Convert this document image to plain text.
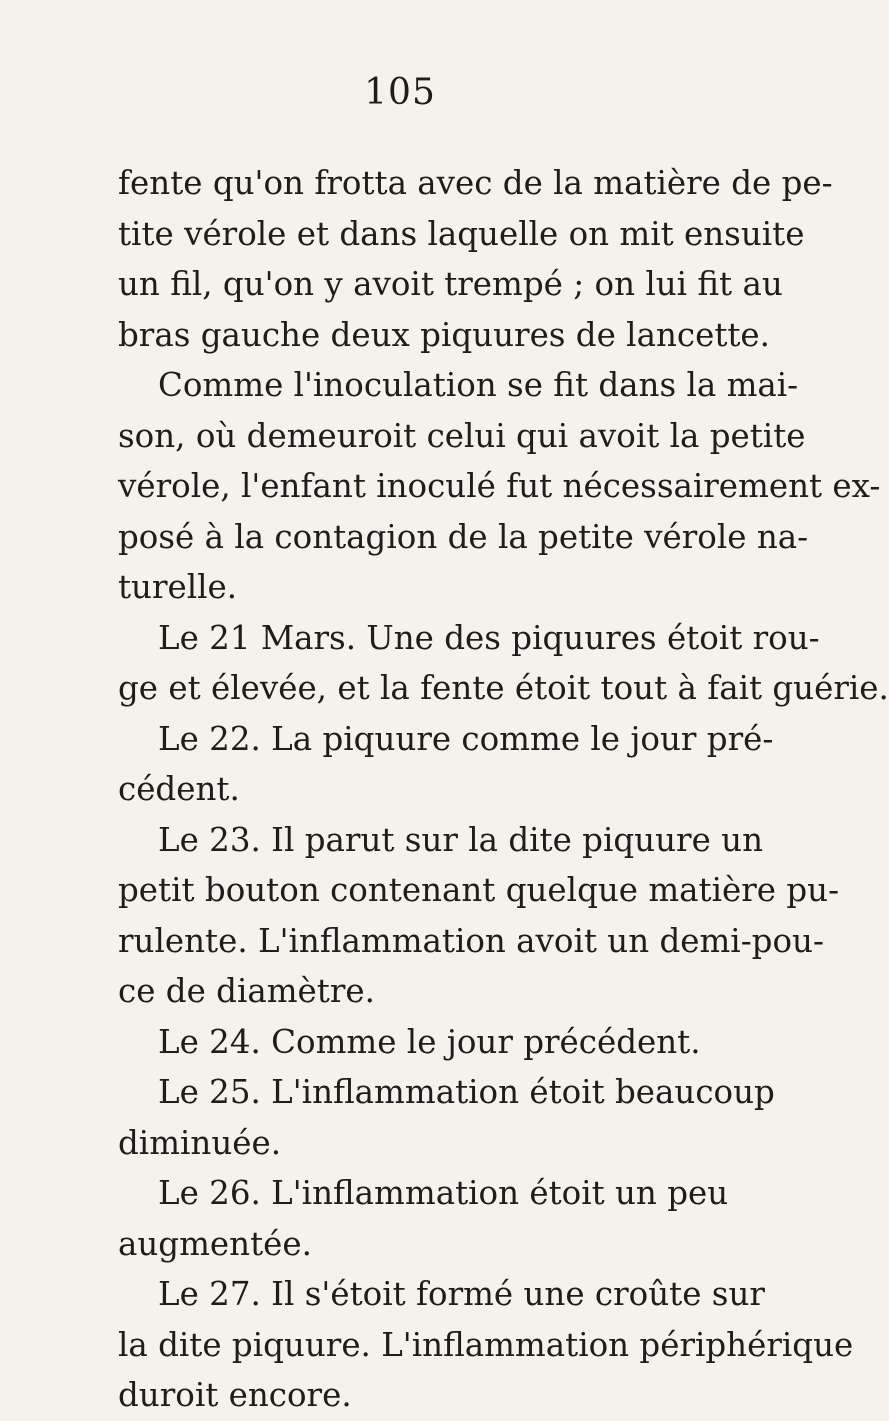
105

fente qu'on frotta avec de la matière de pe-
tite vérole et dans laquelle on mit ensuite
un fil, qu'on y avoit trempé ; on lui fit au
bras gauche deux piquures de lancette.

Comme l'inoculation se fit dans la mai-
son, où demeuroit celui qui avoit la petite
vérole, l'enfant inoculé fut nécessairement ex-
posé à la contagion de la petite vérole na-
turelle.

Le 21 Mars. Une des piquures étoit rou-
ge et élevée, et la fente étoit tout à fait guérie.

Le 22. La piquure comme le jour pré-
cédent.

Le 23. Il parut sur la dite piquure un
petit bouton contenant quelque matière pu-
rulente. L'inflammation avoit un demi-pou-
ce de diamètre.

Le 24. Comme le jour précédent.

Le 25. L'inflammation étoit beaucoup
diminuée.

Le 26. L'inflammation étoit un peu
augmentée.

Le 27. Il s'étoit formé une croûte sur
la dite piquure. L'inflammation périphérique
duroit encore.
